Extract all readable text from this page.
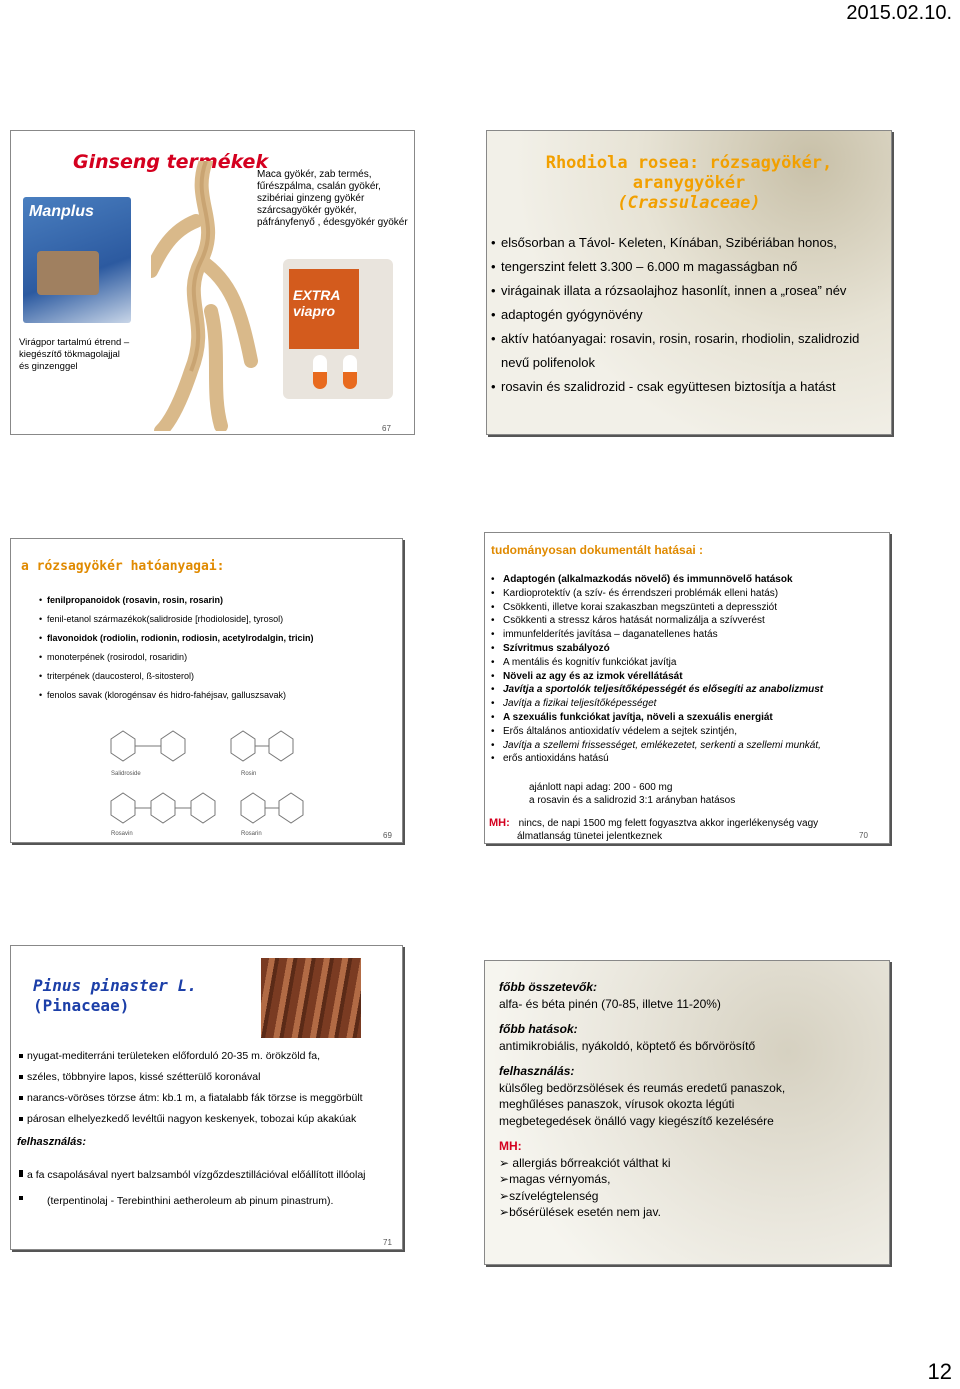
2015.02.10.
Ginseng termékek
Maca gyökér, zab termés,
fűrészpálma, csalán gyökér,
szibériai ginzeng gyökér
szárcsagyökér gyökér,
páfrányfenyő , édesgyökér gyökér
Manplus
EXTRA viapro
Virágpor tartalmú étrend –
kiegészítő tökmagolajjal
és ginzenggel
Rhodiola rosea: rózsagyökér, aranygyökér
(Crassulaceae)
• elsősorban a Távol- Keleten, Kínában, Szibériában honos,
• tengerszint felett 3.300 – 6.000 m magasságban nő
• virágainak illata a rózsaolajhoz hasonlít, innen a „rosea” név
• adaptogén gyógynövény
• aktív hatóanyagai: rosavin, rosin, rosarin, rhodiolin, szalidrozid
nevű polifenolok
• rosavin és szalidrozid - csak együttesen biztosítja a hatást
67
a rózsagyökér hatóanyagai:
• fenilpropanoidok (rosavin, rosin, rosarin)
• fenil-etanol származékok(salidroside [rhodioloside], tyrosol)
• flavonoidok (rodiolin, rodionin, rodiosin, acetylrodalgin, tricin)
• monoterpének (rosirodol, rosaridin)
• triterpének (daucosterol, ß-sitosterol)
• fenolos savak (klorogénsav és hidro-fahéjsav, galluszsavak)
Salidroside	Rosin
Rosavin	Rosarin	69
tudományosan dokumentált hatásai :
• Adaptogén (alkalmazkodás növelő) és immunnövelő hatások
• Kardioprotektív (a szív- és érrendszeri problémák elleni hatás)
• Csökkenti, illetve korai szakaszban megszünteti a depressziót
• Csökkenti a stressz káros hatását normalizálja a szívverést
• immunfelderítés javítása – daganatellenes hatás
• Szívritmus szabályozó
• A mentális és kognitív funkciókat javítja
• Növeli az agy és az izmok vérellátását
• Javítja a sportolók teljesítőképességét és elősegíti az anabolizmust
• Javítja a fizikai teljesítőképességet
• A szexuális funkciókat javítja, növeli a szexuális energiát
• Erős általános antioxidatív védelem a sejtek szintjén,
• Javítja a szellemi frissességet, emlékezetet, serkenti a szellemi munkát,
• erős antioxidáns hatású
ajánlott napi adag: 200 - 600 mg
a rosavin és a salidrozid 3:1 arányban hatásos
MH: nincs, de napi 1500 mg felett fogyasztva akkor ingerlékenység vagy
álmatlanság tünetei jelentkeznek	70
Pinus pinaster L.
(Pinaceae)
nyugat-mediterráni területeken előforduló 20-35 m. örökzöld fa,
széles, többnyire lapos, kissé szétterülő koronával
narancs-vöröses törzse átm: kb.1 m, a fiatalabb fák törzse is meggörbült
párosan elhelyezkedő levéltűi nagyon keskenyek, tobozai kúp akakúak
felhasználás:
a fa csapolásával nyert balzsamból vízgőzdesztillációval előállított illóolaj
(terpentinolaj - Terebinthini aetheroleum ab pinum pinastrum).
71
főbb összetevők:
alfa- és béta pinén (70-85, illetve 11-20%)
főbb hatások:
antimikrobiális, nyákoldó, köptető és bőrvörösítő
felhasználás:
külsőleg bedörzsölések és reumás eredetű panaszok,
meghűléses panaszok, vírusok okozta légúti
megbetegedések önálló vagy kiegészítő kezelésére
MH:
➢ allergiás bőrreakciót válthat ki
➢magas vérnyomás,
➢szívelégtelenség
➢bősérülések esetén nem jav.
12
